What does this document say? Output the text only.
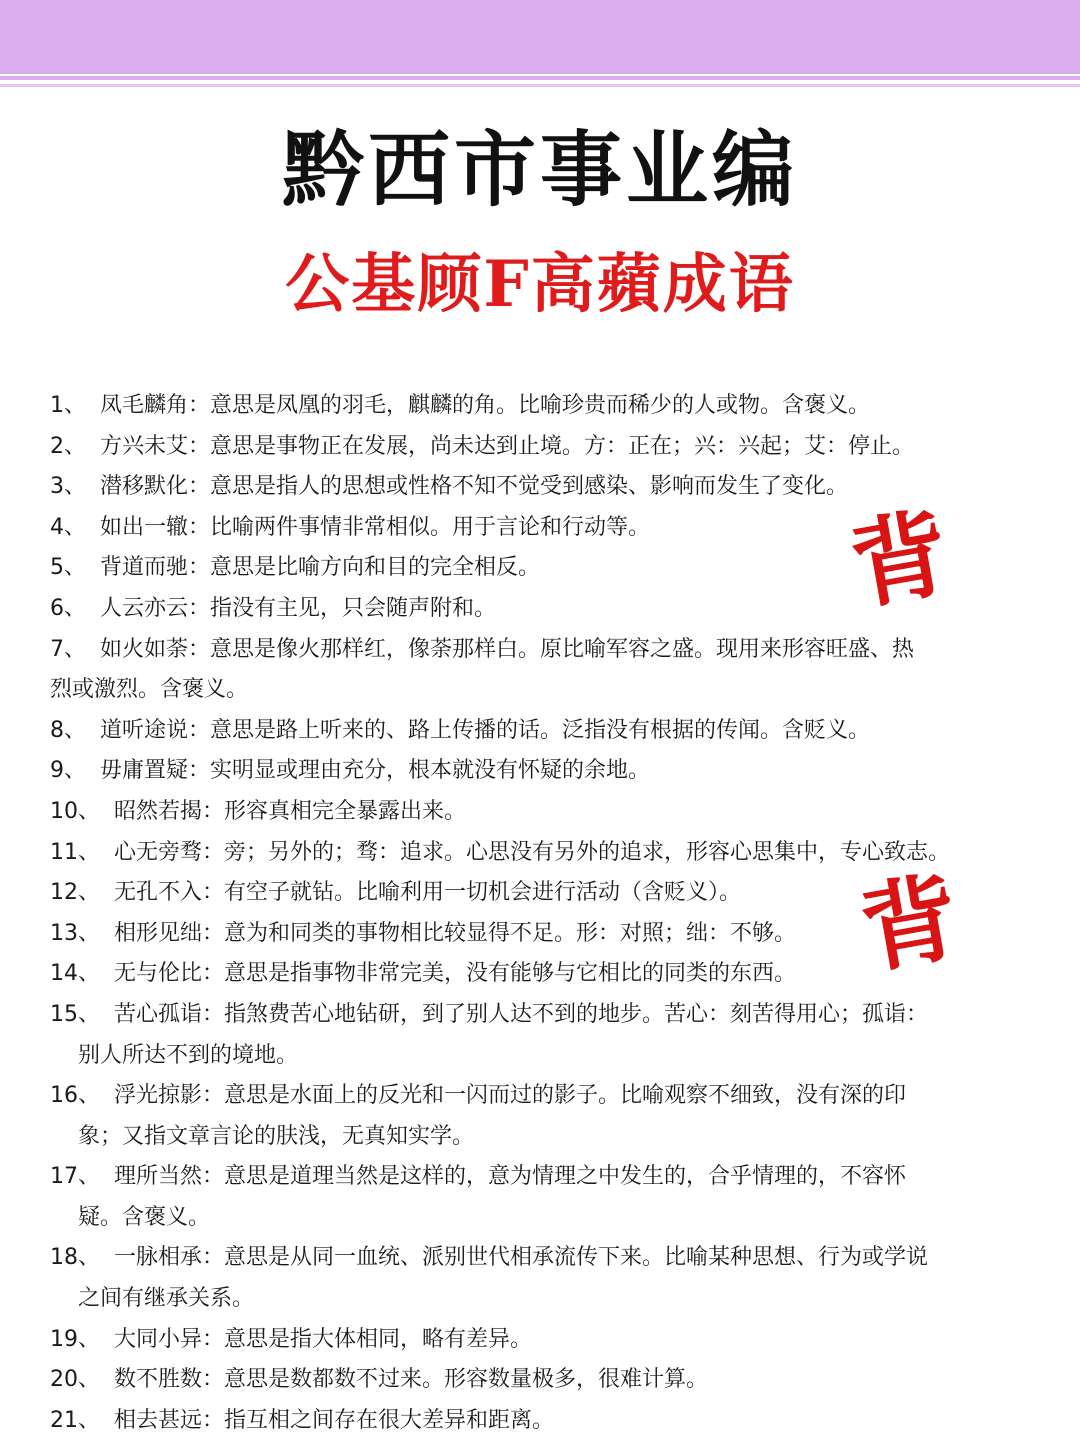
黔西市事业编
公基顾F高蘋成语
背
背
1、 凤毛麟角：意思是凤凰的羽毛，麒麟的角。比喻珍贵而稀少的人或物。含褒义。
2、 方兴未艾：意思是事物正在发展，尚未达到止境。方：正在；兴：兴起；艾：停止。
3、 潜移默化：意思是指人的思想或性格不知不觉受到感染、影响而发生了变化。
4、 如出一辙：比喻两件事情非常相似。用于言论和行动等。
5、 背道而驰：意思是比喻方向和目的完全相反。
6、 人云亦云：指没有主见，只会随声附和。
7、 如火如荼：意思是像火那样红，像荼那样白。原比喻军容之盛。现用来形容旺盛、热
烈或激烈。含褒义。
8、 道听途说：意思是路上听来的、路上传播的话。泛指没有根据的传闻。含贬义。
9、 毋庸置疑：实明显或理由充分，根本就没有怀疑的余地。
10、 昭然若揭：形容真相完全暴露出来。
11、 心无旁骛：旁；另外的；骛：追求。心思没有另外的追求，形容心思集中，专心致志。
12、 无孔不入：有空子就钻。比喻利用一切机会进行活动（含贬义）。
13、 相形见绌：意为和同类的事物相比较显得不足。形：对照；绌：不够。
14、 无与伦比：意思是指事物非常完美，没有能够与它相比的同类的东西。
15、 苦心孤诣：指煞费苦心地钻研，到了别人达不到的地步。苦心：刻苦得用心；孤诣：
别人所达不到的境地。
16、 浮光掠影：意思是水面上的反光和一闪而过的影子。比喻观察不细致，没有深的印
象；又指文章言论的肤浅，无真知实学。
17、 理所当然：意思是道理当然是这样的，意为情理之中发生的，合乎情理的，不容怀
疑。含褒义。
18、 一脉相承：意思是从同一血统、派别世代相承流传下来。比喻某种思想、行为或学说
之间有继承关系。
19、 大同小异：意思是指大体相同，略有差异。
20、 数不胜数：意思是数都数不过来。形容数量极多，很难计算。
21、 相去甚远：指互相之间存在很大差异和距离。
